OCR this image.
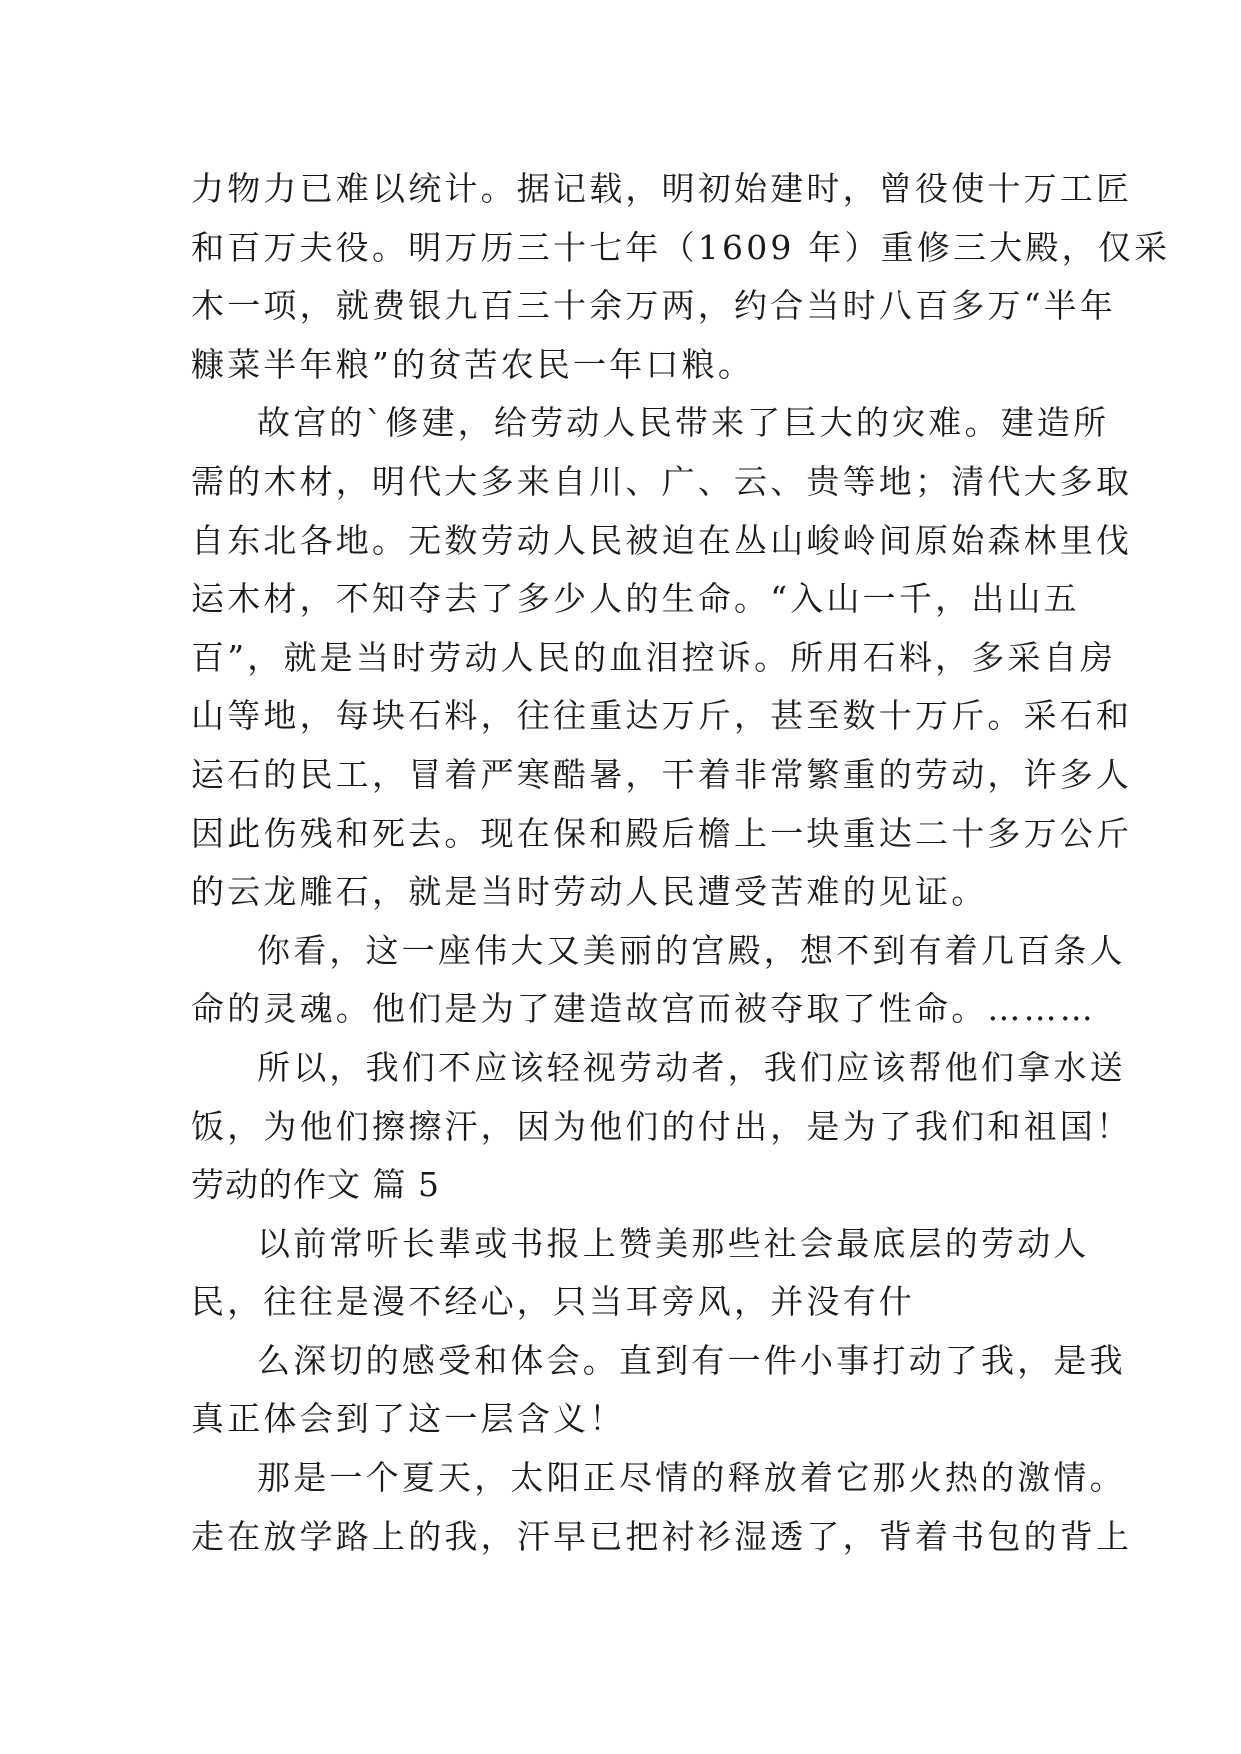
力物力已难以统计。据记载，明初始建时，曾役使十万工匠
和百万夫役。明万历三十七年（1609 年）重修三大殿，仅采
木一项，就费银九百三十余万两，约合当时八百多万“半年
糠菜半年粮”的贫苦农民一年口粮。
故宫的`修建，给劳动人民带来了巨大的灾难。建造所
需的木材，明代大多来自川、广、云、贵等地；清代大多取
自东北各地。无数劳动人民被迫在丛山峻岭间原始森林里伐
运木材，不知夺去了多少人的生命。“入山一千，出山五
百”，就是当时劳动人民的血泪控诉。所用石料，多采自房
山等地，每块石料，往往重达万斤，甚至数十万斤。采石和
运石的民工，冒着严寒酷暑，干着非常繁重的劳动，许多人
因此伤残和死去。现在保和殿后檐上一块重达二十多万公斤
的云龙雕石，就是当时劳动人民遭受苦难的见证。
你看，这一座伟大又美丽的宫殿，想不到有着几百条人
命的灵魂。他们是为了建造故宫而被夺取了性命。………
所以，我们不应该轻视劳动者，我们应该帮他们拿水送
饭，为他们擦擦汗，因为他们的付出，是为了我们和祖国！
劳动的作文 篇 5
以前常听长辈或书报上赞美那些社会最底层的劳动人
民，往往是漫不经心，只当耳旁风，并没有什
么深切的感受和体会。直到有一件小事打动了我，是我
真正体会到了这一层含义！
那是一个夏天，太阳正尽情的释放着它那火热的激情。
走在放学路上的我，汗早已把衬衫湿透了，背着书包的背上
